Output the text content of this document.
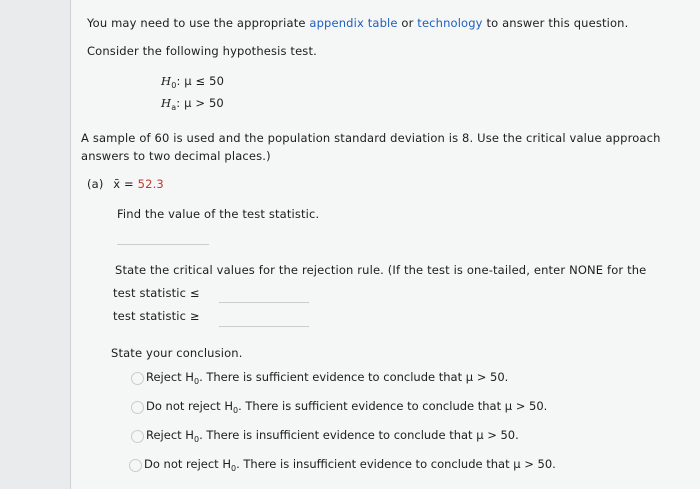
You may need to use the appropriate appendix table or technology to answer this question.
Consider the following hypothesis test.
$H_0$: μ ≤ 50
$H_a$: μ > 50
A sample of 60 is used and the population standard deviation is 8. Use the critical value approach
answers to two decimal places.)
(a) x̄ = 52.3
Find the value of the test statistic.
State the critical values for the rejection rule. (If the test is one-tailed, enter NONE for the
test statistic ≤
test statistic ≥
State your conclusion.
Reject $H_0$. There is sufficient evidence to conclude that μ > 50.
Do not reject $H_0$. There is sufficient evidence to conclude that μ > 50.
Reject $H_0$. There is insufficient evidence to conclude that μ > 50.
Do not reject $H_0$. There is insufficient evidence to conclude that μ > 50.
